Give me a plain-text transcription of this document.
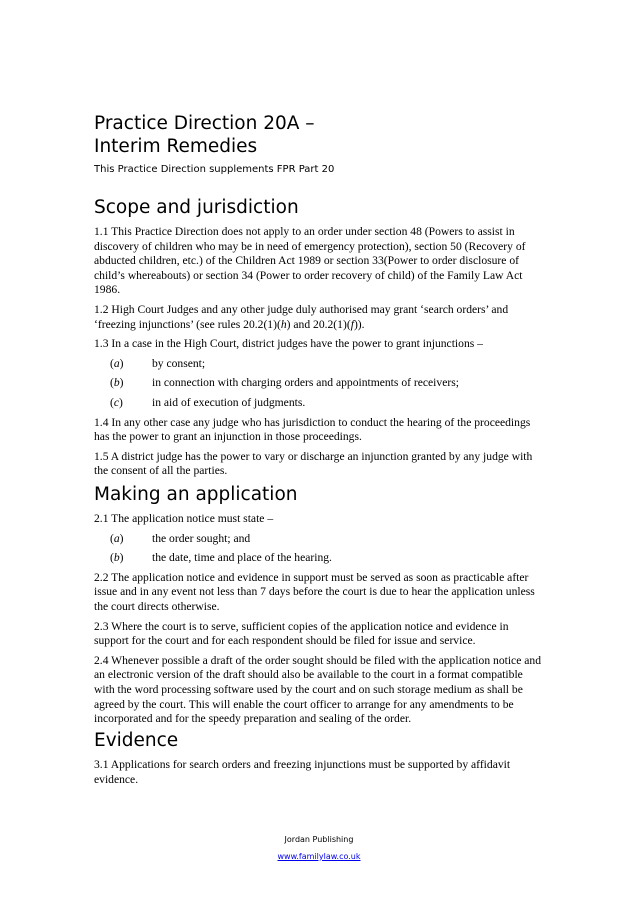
Practice Direction 20A –
Interim Remedies

This Practice Direction supplements FPR Part 20

Scope and jurisdiction

1.1 This Practice Direction does not apply to an order under section 48 (Powers to assist in discovery of children who may be in need of emergency protection), section 50 (Recovery of abducted children, etc.) of the Children Act 1989 or section 33(Power to order disclosure of child’s whereabouts) or section 34 (Power to order recovery of child) of the Family Law Act 1986.

1.2 High Court Judges and any other judge duly authorised may grant ‘search orders’ and ‘freezing injunctions’ (see rules 20.2(1)(h) and 20.2(1)(f)).

1.3 In a case in the High Court, district judges have the power to grant injunctions –

(a)	by consent;
(b)	in connection with charging orders and appointments of receivers;
(c)	in aid of execution of judgments.

1.4 In any other case any judge who has jurisdiction to conduct the hearing of the proceedings has the power to grant an injunction in those proceedings.

1.5 A district judge has the power to vary or discharge an injunction granted by any judge with the consent of all the parties.

Making an application

2.1 The application notice must state –

(a)	the order sought; and
(b)	the date, time and place of the hearing.

2.2 The application notice and evidence in support must be served as soon as practicable after issue and in any event not less than 7 days before the court is due to hear the application unless the court directs otherwise.

2.3 Where the court is to serve, sufficient copies of the application notice and evidence in support for the court and for each respondent should be filed for issue and service.

2.4 Whenever possible a draft of the order sought should be filed with the application notice and an electronic version of the draft should also be available to the court in a format compatible with the word processing software used by the court and on such storage medium as shall be agreed by the court. This will enable the court officer to arrange for any amendments to be incorporated and for the speedy preparation and sealing of the order.

Evidence

3.1 Applications for search orders and freezing injunctions must be supported by affidavit evidence.

Jordan Publishing
www.familylaw.co.uk
